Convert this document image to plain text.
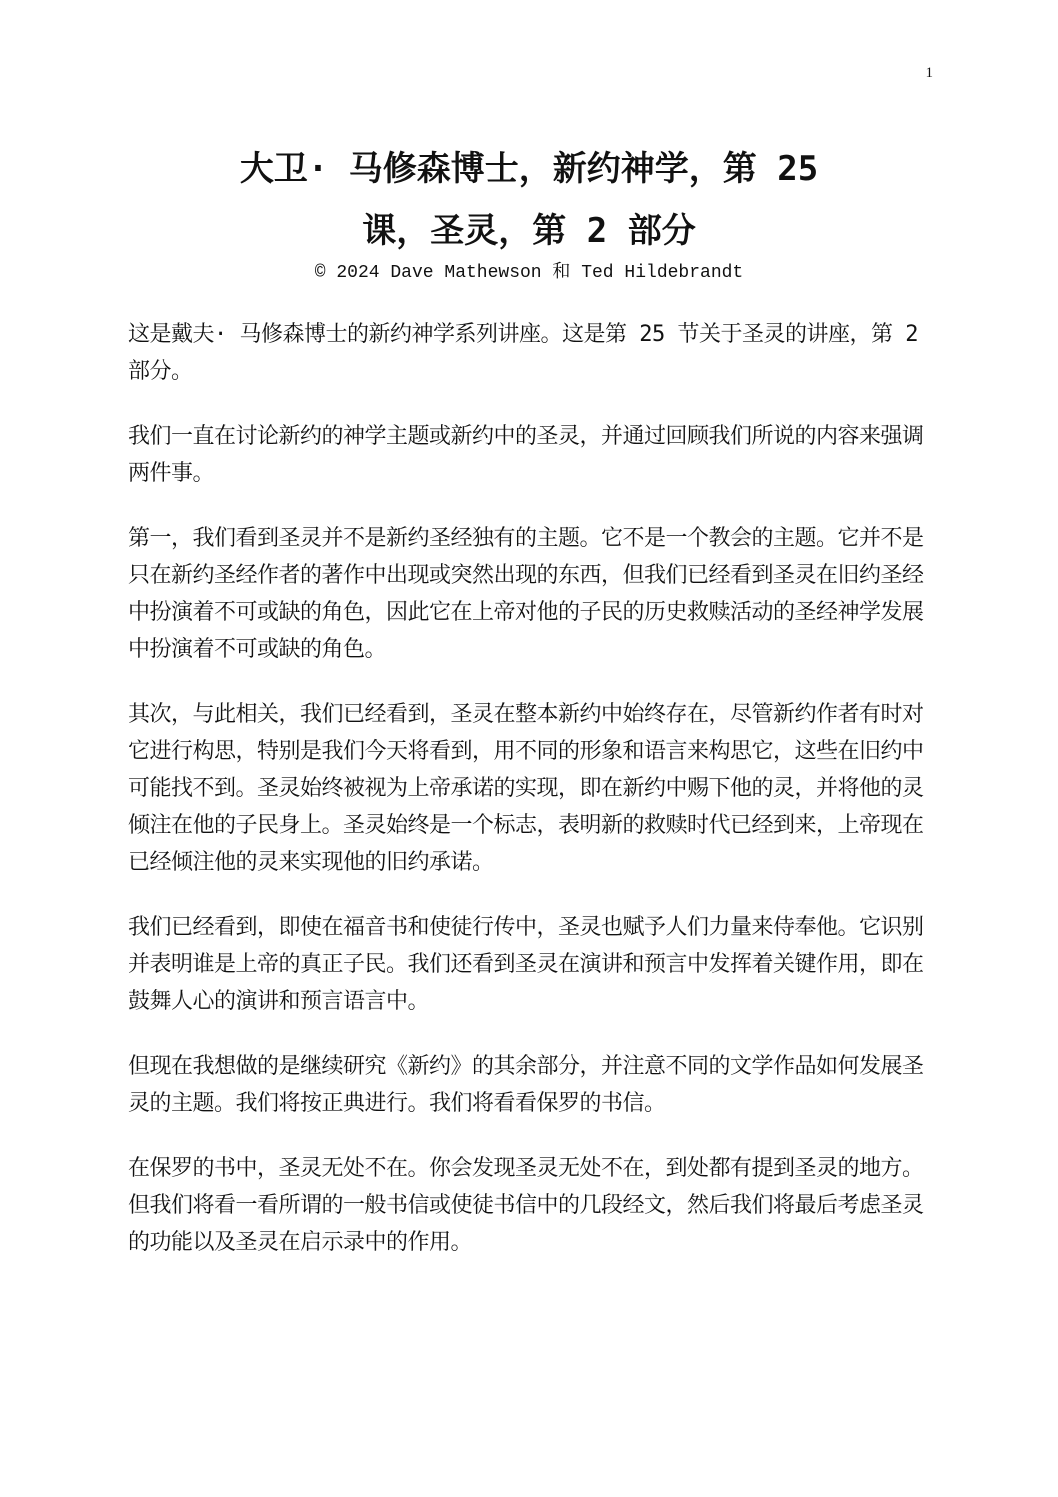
1
大卫· 马修森博士，新约神学，第 25
课，圣灵，第 2 部分
© 2024 Dave Mathewson 和 Ted Hildebrandt

这是戴夫· 马修森博士的新约神学系列讲座。这是第 25 节关于圣灵的讲座，第 2 部分。

我们一直在讨论新约的神学主题或新约中的圣灵，并通过回顾我们所说的内容来强调两件事。

第一，我们看到圣灵并不是新约圣经独有的主题。它不是一个教会的主题。它并不是只在新约圣经作者的著作中出现或突然出现的东西，但我们已经看到圣灵在旧约圣经中扮演着不可或缺的角色，因此它在上帝对他的子民的历史救赎活动的圣经神学发展中扮演着不可或缺的角色。

其次，与此相关，我们已经看到，圣灵在整本新约中始终存在，尽管新约作者有时对它进行构思，特别是我们今天将看到，用不同的形象和语言来构思它，这些在旧约中可能找不到。圣灵始终被视为上帝承诺的实现，即在新约中赐下他的灵，并将他的灵倾注在他的子民身上。圣灵始终是一个标志，表明新的救赎时代已经到来，上帝现在已经倾注他的灵来实现他的旧约承诺。

我们已经看到，即使在福音书和使徒行传中，圣灵也赋予人们力量来侍奉他。它识别并表明谁是上帝的真正子民。我们还看到圣灵在演讲和预言中发挥着关键作用，即在鼓舞人心的演讲和预言语言中。

但现在我想做的是继续研究《新约》的其余部分，并注意不同的文学作品如何发展圣灵的主题。我们将按正典进行。我们将看看保罗的书信。

在保罗的书中，圣灵无处不在。你会发现圣灵无处不在，到处都有提到圣灵的地方。但我们将看一看所谓的一般书信或使徒书信中的几段经文，然后我们将最后考虑圣灵的功能以及圣灵在启示录中的作用。
